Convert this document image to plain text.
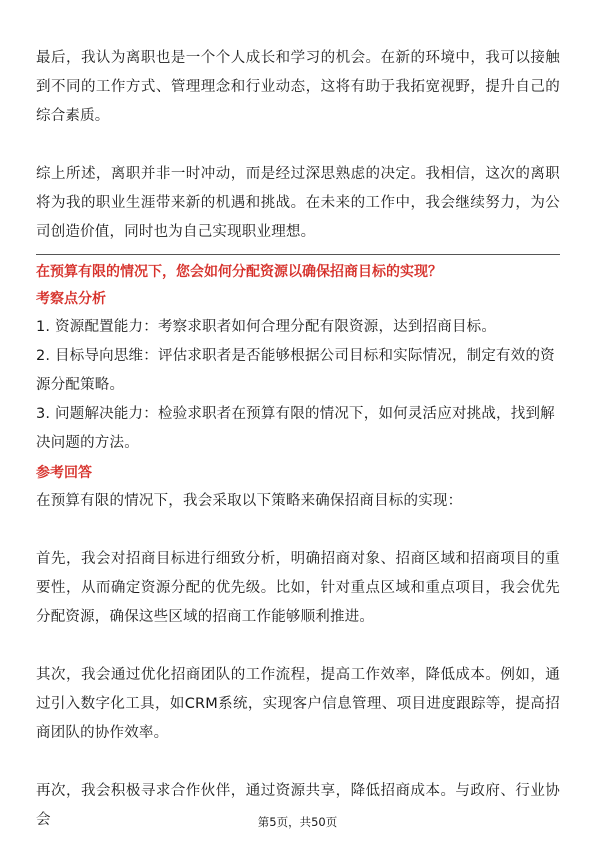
最后，我认为离职也是一个个人成长和学习的机会。在新的环境中，我可以接触到不同的工作方式、管理理念和行业动态，这将有助于我拓宽视野，提升自己的综合素质。

综上所述，离职并非一时冲动，而是经过深思熟虑的决定。我相信，这次的离职将为我的职业生涯带来新的机遇和挑战。在未来的工作中，我会继续努力，为公司创造价值，同时也为自己实现职业理想。

在预算有限的情况下，您会如何分配资源以确保招商目标的实现？

考察点分析

1. 资源配置能力：考察求职者如何合理分配有限资源，达到招商目标。

2. 目标导向思维：评估求职者是否能够根据公司目标和实际情况，制定有效的资源分配策略。

3. 问题解决能力：检验求职者在预算有限的情况下，如何灵活应对挑战，找到解决问题的方法。

参考回答

在预算有限的情况下，我会采取以下策略来确保招商目标的实现：

首先，我会对招商目标进行细致分析，明确招商对象、招商区域和招商项目的重要性，从而确定资源分配的优先级。比如，针对重点区域和重点项目，我会优先分配资源，确保这些区域的招商工作能够顺利推进。

其次，我会通过优化招商团队的工作流程，提高工作效率，降低成本。例如，通过引入数字化工具，如CRM系统，实现客户信息管理、项目进度跟踪等，提高招商团队的协作效率。

再次，我会积极寻求合作伙伴，通过资源共享，降低招商成本。与政府、行业协会	第5页，共50页
